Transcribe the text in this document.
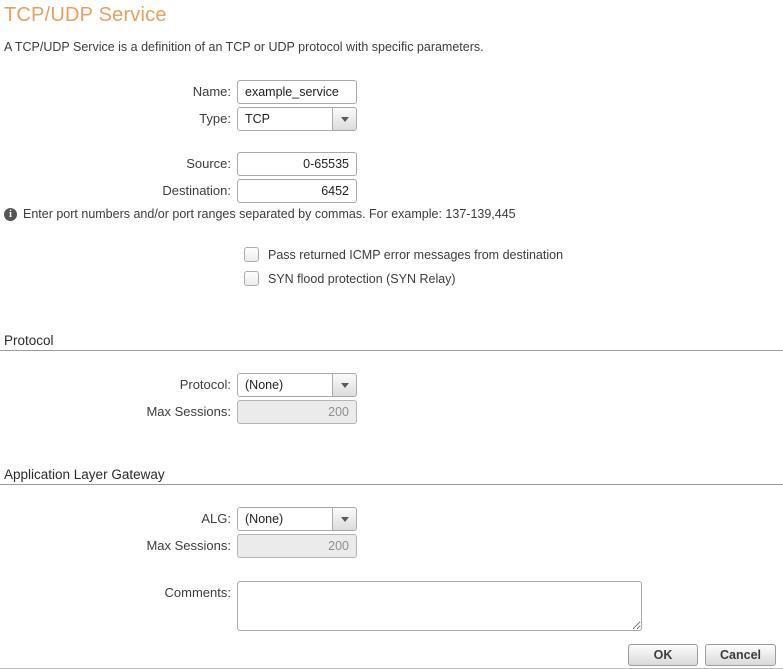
TCP/UDP Service

A TCP/UDP Service is a definition of an TCP or UDP protocol with specific parameters.

Name:
example_service
Type:	TCP
Source:
0-65535
Destination:
6452
i Enter port numbers and/or port ranges separated by commas. For example: 137-139,445
Pass returned ICMP error messages from destination
SYN flood protection (SYN Relay)
Protocol
Protocol:	(None)
Max Sessions:
200
Application Layer Gateway
ALG:	(None)
Max Sessions:
200
Comments:
OK	Cancel
